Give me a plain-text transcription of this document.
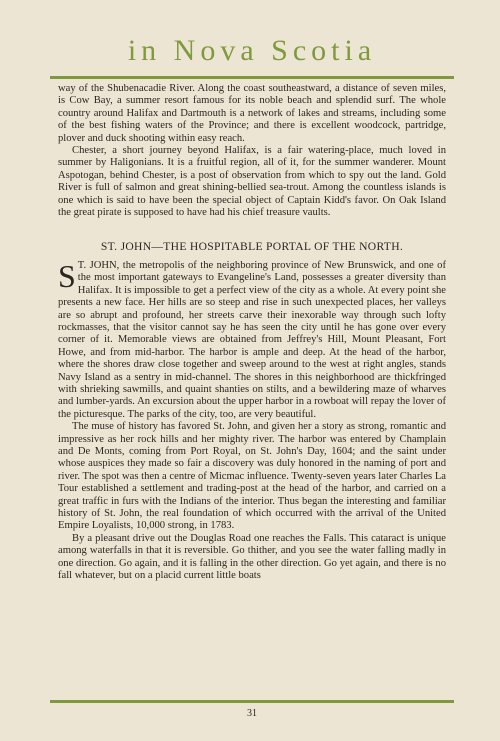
in Nova Scotia

way of the Shubenacadie River. Along the coast southeastward, a distance of seven miles, is Cow Bay, a summer resort famous for its noble beach and splendid surf. The whole country around Halifax and Dartmouth is a network of lakes and streams, including some of the best fishing waters of the Province; and there is excellent woodcock, partridge, plover and duck shooting within easy reach.

Chester, a short journey beyond Halifax, is a fair watering-place, much loved in summer by Haligonians. It is a fruitful region, all of it, for the summer wanderer. Mount Aspotogan, behind Chester, is a post of observation from which to spy out the land. Gold River is full of salmon and great shining-bellied sea-trout. Among the countless islands is one which is said to have been the special object of Captain Kidd's favor. On Oak Island the great pirate is supposed to have had his chief treasure vaults.

ST. JOHN—THE HOSPITABLE PORTAL OF THE NORTH.

S T. JOHN, the metropolis of the neighboring province of New Brunswick, and one of the most important gateways to Evangeline's Land, possesses a greater diversity than Halifax. It is impossible to get a perfect view of the city as a whole. At every point she presents a new face. Her hills are so steep and rise in such unexpected places, her valleys are so abrupt and profound, her streets carve their inexorable way through such lofty rockmasses, that the visitor cannot say he has seen the city until he has gone over every corner of it. Memorable views are obtained from Jeffrey's Hill, Mount Pleasant, Fort Howe, and from mid-harbor. The harbor is ample and deep. At the head of the harbor, where the shores draw close together and sweep around to the west at right angles, stands Navy Island as a sentry in mid-channel. The shores in this neighborhood are thickfringed with shrieking sawmills, and quaint shanties on stilts, and a bewildering maze of wharves and lumber-yards. An excursion about the upper harbor in a rowboat will repay the lover of the picturesque. The parks of the city, too, are very beautiful.

The muse of history has favored St. John, and given her a story as strong, romantic and impressive as her rock hills and her mighty river. The harbor was entered by Champlain and De Monts, coming from Port Royal, on St. John's Day, 1604; and the saint under whose auspices they made so fair a discovery was duly honored in the naming of port and river. The spot was then a centre of Micmac influence. Twenty-seven years later Charles La Tour established a settlement and trading-post at the head of the harbor, and carried on a great traffic in furs with the Indians of the interior. Thus began the interesting and familiar history of St. John, the real foundation of which occurred with the arrival of the United Empire Loyalists, 10,000 strong, in 1783.

By a pleasant drive out the Douglas Road one reaches the Falls. This cataract is unique among waterfalls in that it is reversible. Go thither, and you see the water falling madly in one direction. Go again, and it is falling in the other direction. Go yet again, and there is no fall whatever, but on a placid current little boats

31
